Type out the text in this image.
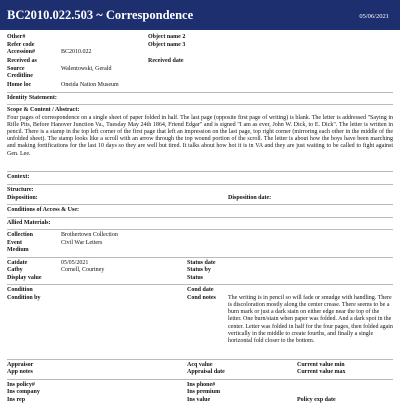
BC2010.022.503 ~ Correspondence	05/06/2021
Other#	Object name 2
Refer code	Object name 3
Accession#	BC2010.022
Received as	Received date
Source	Walentowski, Gerald
Creditline
Home loc	Oneida Nation Museum
Identity Statement:
Scope & Content / Abstract:

Four pages of correspondence on a single sheet of paper folded in half. The last page (opposite first page of writing) is blank. The letter is addressed "Saying in Rifle Pits, Before Hanover Junction Va., Tuesday May 24th 1864, Friend Edgar" and is signed "I am as ever, John W. Dick, to E. Dick". The letter is written in pencil. There is a stamp in the top left corner of the first page that left an impression on the last page, top right corner (mirroring each other in the middle of the unfolded sheet). The stamp looks like a scroll with an arrow through the top wound portion of the scroll. The letter is about how the boys have been marching and making fortifications for the last 10 days so they are well but tired. It talks about how hot it is in VA and they are just waiting to be called to fight against Gen. Lee.

Context:
Structure:
Disposition:	Disposition date:
Conditions of Access & Use:
Allied Materials:
Collection	Brothertown Collection
Event	Civil War Letters
Medium
Catdate	05/05/2021	Status date
Catby	Cornell, Courtney	Status by
Display value	Status
Condition	Cond date
Condition by	Cond notes The writing is in pencil so will fade or smudge with handling. There is discoloration mostly along the center crease. There seems to be a burn mark or just a dark stain on either edge near the top of the letter. One burn/stain when paper was folded. And a dark spot in the center. Letter was folded in half for the four pages, then folded again vertically in the middle to create fourths, and finally a single horizontal fold closer to the bottom.
Appraisor	Acq value	Current value min
App notes	Appraisal date	Current value max
Ins policy#	Ins phone#
Ins company	Ins premium
Ins rep	Ins value	Policy exp date
